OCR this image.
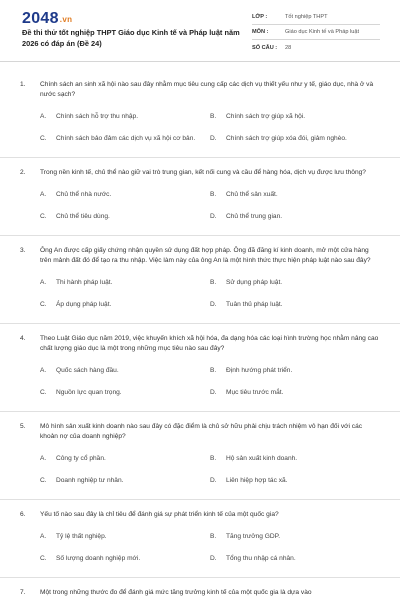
2048.vn
Đề thi thử tốt nghiệp THPT Giáo dục Kinh tế và Pháp luật năm 2026 có đáp án (Đề 24)
LỚP :	Tốt nghiệp THPT
MÔN :	Giáo dục Kinh tế và Pháp luật
SỐ CÂU :	28
1.	Chính sách an sinh xã hội nào sau đây nhằm mục tiêu cung cấp các dịch vụ thiết yếu như y tế, giáo dục, nhà ở và nước sạch?
A.	Chính sách hỗ trợ thu nhập.	B.	Chính sách trợ giúp xã hội.
C.	Chính sách bảo đảm các dịch vụ xã hội cơ bản.	D.	Chính sách trợ giúp xóa đói, giảm nghèo.
2.	Trong nền kinh tế, chủ thể nào giữ vai trò trung gian, kết nối cung và cầu để hàng hóa, dịch vụ được lưu thông?
A.	Chủ thể nhà nước.	B.	Chủ thể sản xuất.
C.	Chủ thể tiêu dùng.	D.	Chủ thể trung gian.
3.	Ông An được cấp giấy chứng nhận quyền sử dụng đất hợp pháp. Ông đã đăng kí kinh doanh, mở một cửa hàng trên mảnh đất đó để tạo ra thu nhập. Việc làm này của ông An là một hình thức thực hiện pháp luật nào sau đây?
A.	Thi hành pháp luật.	B.	Sử dụng pháp luật.
C.	Áp dụng pháp luật.	D.	Tuân thủ pháp luật.
4.	Theo Luật Giáo dục năm 2019, việc khuyến khích xã hội hóa, đa dạng hóa các loại hình trường học nhằm nâng cao chất lượng giáo dục là một trong những mục tiêu nào sau đây?
A.	Quốc sách hàng đầu.	B.	Định hướng phát triển.
C.	Nguồn lực quan trọng.	D.	Mục tiêu trước mắt.
5.	Mô hình sản xuất kinh doanh nào sau đây có đặc điểm là chủ sở hữu phải chịu trách nhiệm vô hạn đối với các khoản nợ của doanh nghiệp?
A.	Công ty cổ phần.	B.	Hộ sản xuất kinh doanh.
C.	Doanh nghiệp tư nhân.	D.	Liên hiệp hợp tác xã.
6.	Yếu tố nào sau đây là chỉ tiêu để đánh giá sự phát triển kinh tế của một quốc gia?
A.	Tỷ lệ thất nghiệp.	B.	Tăng trưởng GDP.
C.	Số lượng doanh nghiệp mới.	D.	Tổng thu nhập cá nhân.
7.	Một trong những thước đo để đánh giá mức tăng trưởng kinh tế của một quốc gia là dựa vào
